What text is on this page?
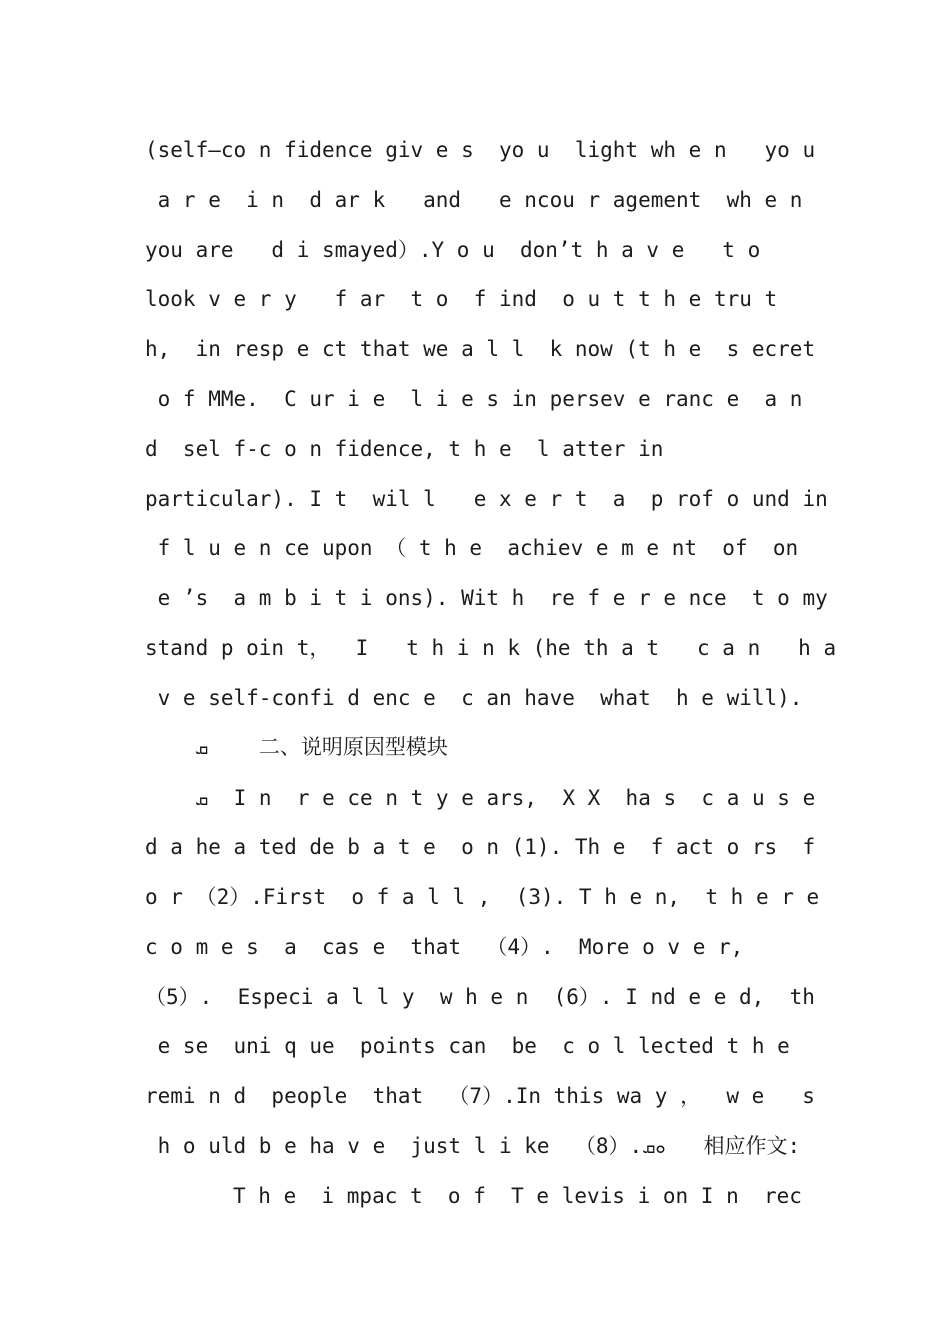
(self—co n fidence giv e s  yo u  light wh e n   yo u
a r e  i n  d ar k   and   e ncou r agement  wh e n
you are   d i smayed）.Y o u  don’t h a v e   t o
look v e r y   f ar  t o  f ind  o u t t h e tru t
h,  in resp e ct that we a l l  k now (t h e  s ecret
o f MMe.  C ur i e  l i e s in persev e ranc e  a n
d  sel f-c o n fidence, t h e  l atter in
particular). I t  wil l   e x e r t  a  p rof o und in
f l u e n ce upon （ t h e  achiev e m e nt  of  on
e ’s  a m b i t i ons). Wit h  re f e r e nce  t o my
stand p oin t，  I   t h i n k (he th a t   c a n   h a
v e self-confi d enc e  c an have  what  h e will).
ܩ 二、说明原因型模块
ܩ I n  r e ce n t y e ars,  X X  ha s  c a u s e
d a he a ted de b a t e  o n (1). Th e  f act o rs  f
o r （2）.First  o f a l l ,  (3). T h e n,  t h e r e
c o m e s  a  cas e  that  （4）.  More o v e r,
（5）.  Especi a l l y  w h e n  (6）. I nd e e d,  th
e se  uni q ue  points can  be  c o l lected t h e
remi n d  people  that  （7）.In this wa y ，  w e   s
h o uld b e ha v e  just l i ke  （8）.ܘܩ 相应作文:
T h e  i mpac t  o f  T e levis i on I n  rec
